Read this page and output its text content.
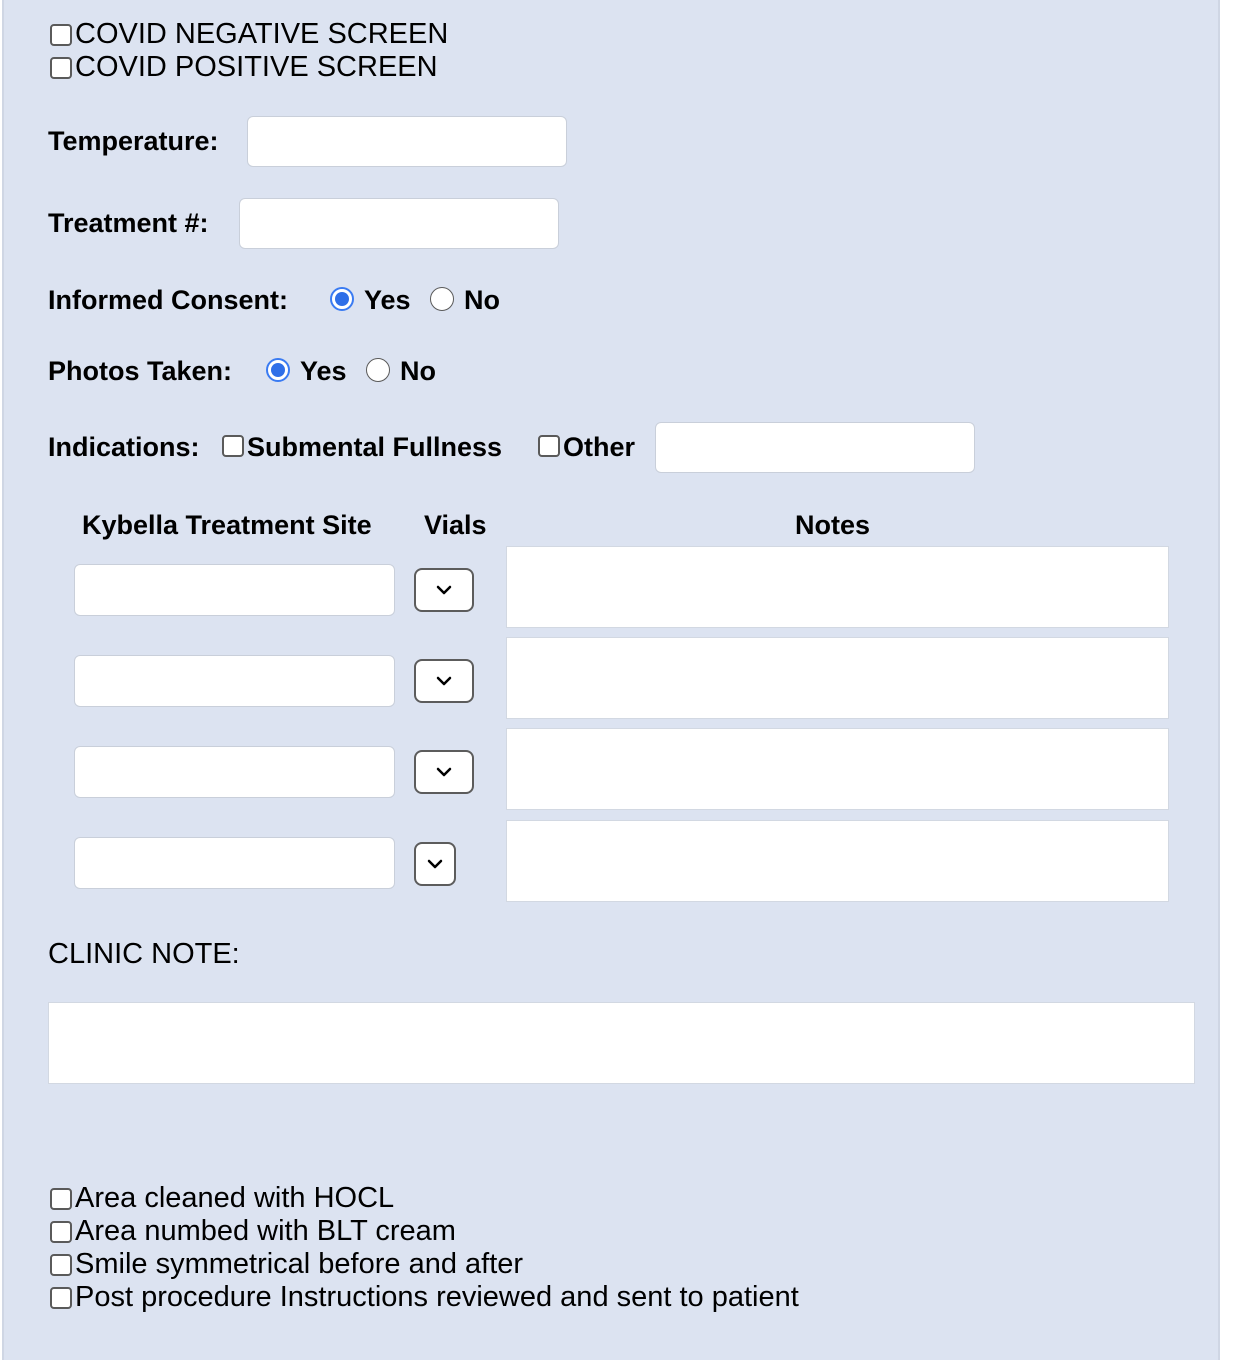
COVID NEGATIVE SCREEN
COVID POSITIVE SCREEN
Temperature:
Treatment #:
Informed Consent:	Yes No
Photos Taken:	Yes No
Indications: Submental Fullness Other
Kybella Treatment Site Vials	Notes
CLINIC NOTE:
Area cleaned with HOCL
Area numbed with BLT cream
Smile symmetrical before and after
Post procedure Instructions reviewed and sent to patient
